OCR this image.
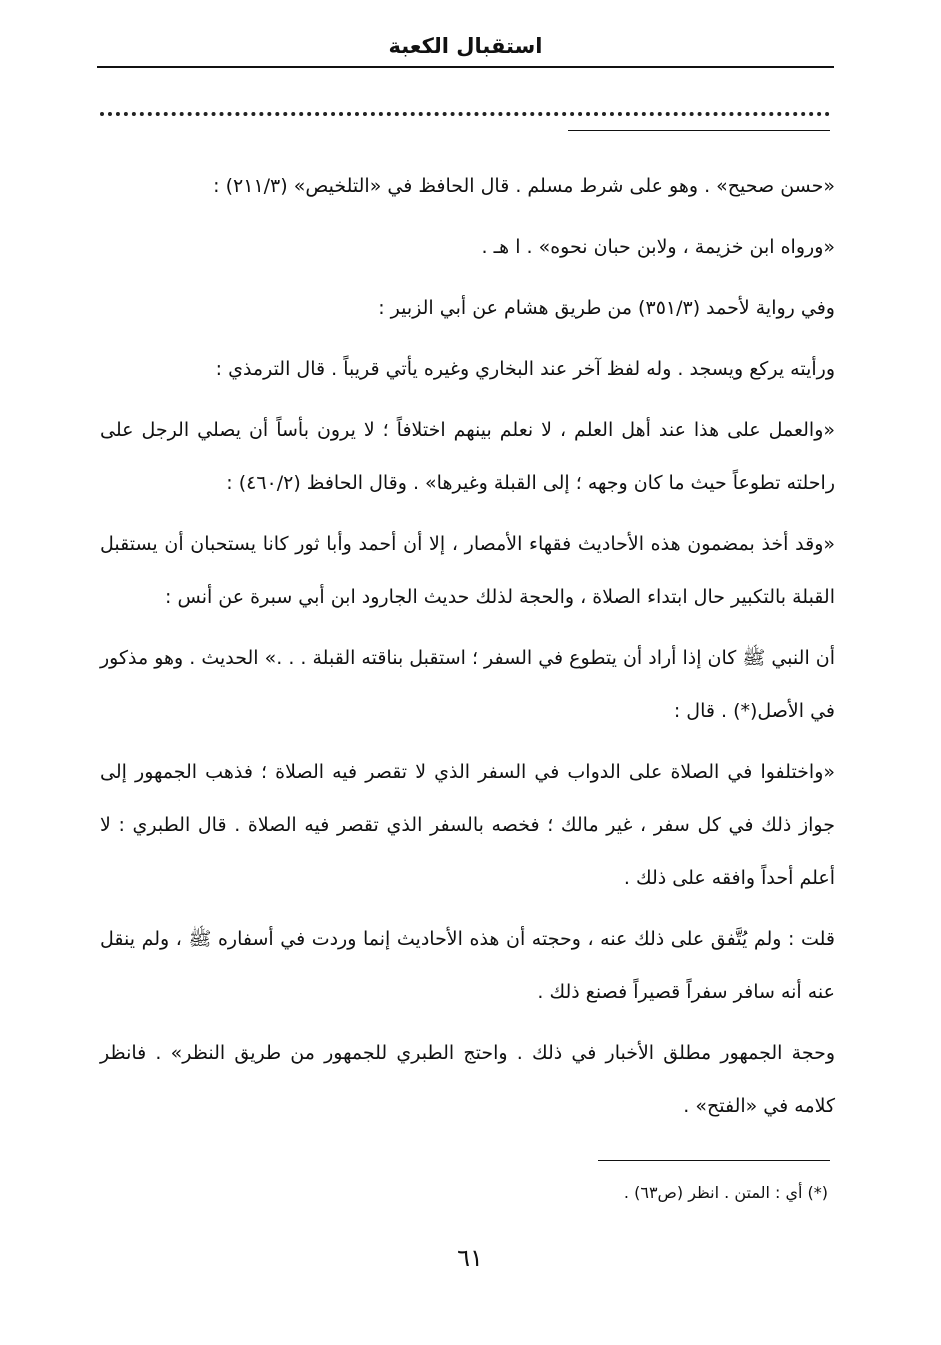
استقبال الكعبة

«حسن صحيح» . وهو على شرط مسلم . قال الحافظ في «التلخيص» (٢١١/٣) :

«ورواه ابن خزيمة ، ولابن حبان نحوه» . ا هـ .

وفي رواية لأحمد (٣٥١/٣) من طريق هشام عن أبي الزبير :

ورأيته يركع ويسجد . وله لفظ آخر عند البخاري وغيره يأتي قريباً . قال الترمذي :

«والعمل على هذا عند أهل العلم ، لا نعلم بينهم اختلافاً ؛ لا يرون بأساً أن يصلي الرجل على راحلته تطوعاً حيث ما كان وجهه ؛ إلى القبلة وغيرها» . وقال الحافظ (٤٦٠/٢) :

«وقد أخذ بمضمون هذه الأحاديث فقهاء الأمصار ، إلا أن أحمد وأبا ثور كانا يستحبان أن يستقبل القبلة بالتكبير حال ابتداء الصلاة ، والحجة لذلك حديث الجارود ابن أبي سبرة عن أنس :

أن النبي ﷺ كان إذا أراد أن يتطوع في السفر ؛ استقبل بناقته القبلة . . .» الحديث . وهو مذكور في الأصل(*) . قال :

«واختلفوا في الصلاة على الدواب في السفر الذي لا تقصر فيه الصلاة ؛ فذهب الجمهور إلى جواز ذلك في كل سفر ، غير مالك ؛ فخصه بالسفر الذي تقصر فيه الصلاة . قال الطبري : لا أعلم أحداً وافقه على ذلك .

قلت : ولم يُتَّفق على ذلك عنه ، وحجته أن هذه الأحاديث إنما وردت في أسفاره ﷺ ، ولم ينقل عنه أنه سافر سفراً قصيراً فصنع ذلك .

وحجة الجمهور مطلق الأخبار في ذلك . واحتج الطبري للجمهور من طريق النظر» . فانظر كلامه في «الفتح» .

(*) أي : المتن . انظر (ص٦٣) .
٦١
